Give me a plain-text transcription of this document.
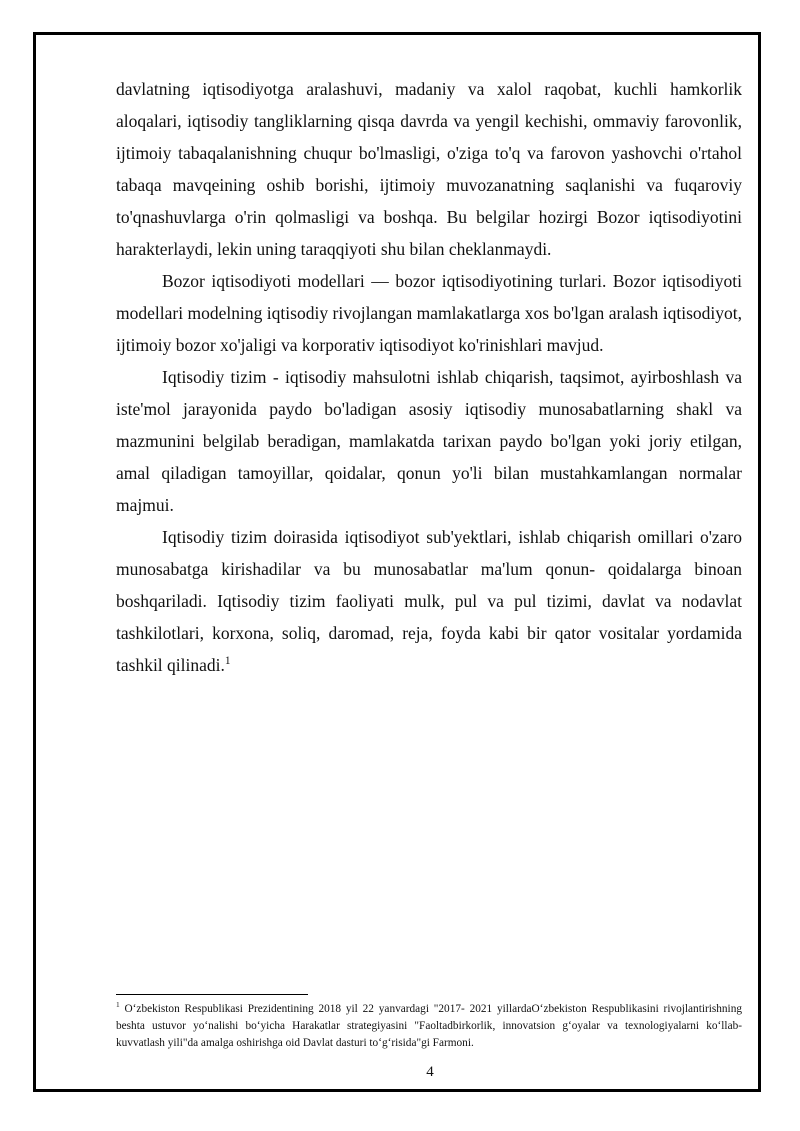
davlatning iqtisodiyotga aralashuvi, madaniy va xalol raqobat, kuchli hamkorlik aloqalari, iqtisodiy tangliklarning qisqa davrda va yengil kechishi, ommaviy farovonlik, ijtimoiy tabaqalanishning chuqur bo'lmasligi, o'ziga to'q va farovon yashovchi o'rtahol tabaqa mavqeining oshib borishi, ijtimoiy muvozanatning saqlanishi va fuqaroviy to'qnashuvlarga o'rin qolmasligi va boshqa. Bu belgilar hozirgi Bozor iqtisodiyotini harakterlaydi, lekin uning taraqqiyoti shu bilan cheklanmaydi.

Bozor iqtisodiyoti modellari — bozor iqtisodiyotining turlari. Bozor iqtisodiyoti modellari modelning iqtisodiy rivojlangan mamlakatlarga xos bo'lgan aralash iqtisodiyot, ijtimoiy bozor xo'jaligi va korporativ iqtisodiyot ko'rinishlari mavjud.

Iqtisodiy tizim - iqtisodiy mahsulotni ishlab chiqarish, taqsimot, ayirboshlash va iste'mol jarayonida paydo bo'ladigan asosiy iqtisodiy munosabatlarning shakl va mazmunini belgilab beradigan, mamlakatda tarixan paydo bo'lgan yoki joriy etilgan, amal qiladigan tamoyillar, qoidalar, qonun yo'li bilan mustahkamlangan normalar majmui.

Iqtisodiy tizim doirasida iqtisodiyot sub'yektlari, ishlab chiqarish omillari o'zaro munosabatga kirishadilar va bu munosabatlar ma'lum qonun- qoidalarga binoan boshqariladi. Iqtisodiy tizim faoliyati mulk, pul va pul tizimi, davlat va nodavlat tashkilotlari, korxona, soliq, daromad, reja, foyda kabi bir qator vositalar yordamida tashkil qilinadi.$^1$

$^1$ O‘zbekiston Respublikasi Prezidentining 2018 yil 22 yanvardagi "2017- 2021 yillardaO‘zbekiston Respublikasini rivojlantirishning beshta ustuvor yo‘nalishi bo‘yicha Harakatlar strategiyasini "Faoltadbirkorlik, innovatsion g‘oyalar va texnologiyalarni ko‘llab-kuvvatlash yili"da amalga oshirishga oid Davlat dasturi to‘g‘risida"gi Farmoni.
4
